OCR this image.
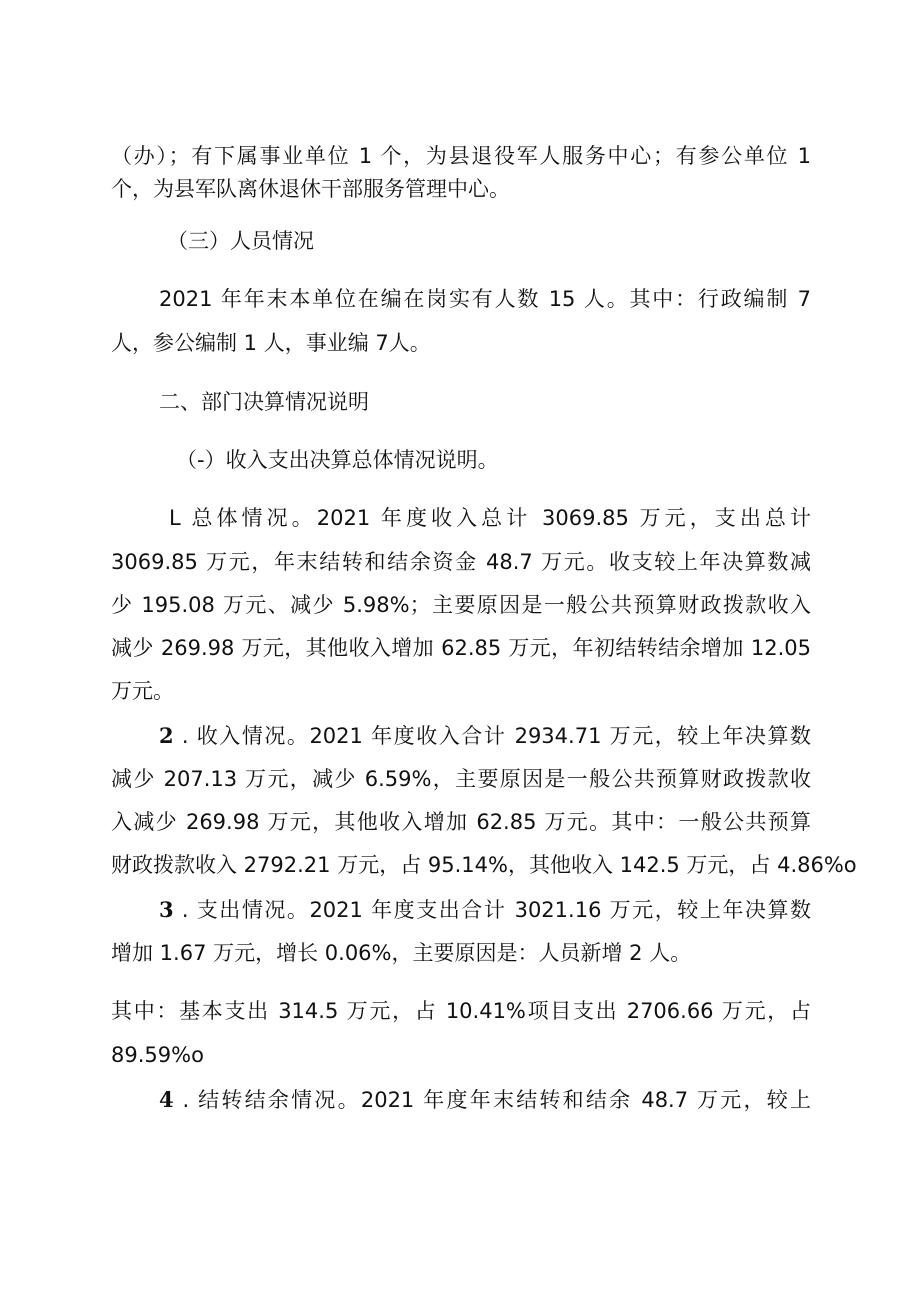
（办）；有下属事业单位 1 个，为县退役军人服务中心；有参公单位 1
个，为县军队离休退休干部服务管理中心。
（三）人员情况
2021 年年末本单位在编在岗实有人数 15 人。其中：行政编制 7
人，参公编制 1 人，事业编 7人。
二、部门决算情况说明
（-）收入支出决算总体情况说明。
L 总体情况。2021 年度收入总计 3069.85 万元，支出总计
3069.85 万元，年末结转和结余资金 48.7 万元。收支较上年决算数减
少 195.08 万元、减少 5.98%；主要原因是一般公共预算财政拨款收入
减少 269.98 万元，其他收入增加 62.85 万元，年初结转结余增加 12.05
万元。
2 . 收入情况。2021 年度收入合计 2934.71 万元，较上年决算数
减少 207.13 万元，减少 6.59%，主要原因是一般公共预算财政拨款收
入减少 269.98 万元，其他收入增加 62.85 万元。其中：一般公共预算
财政拨款收入 2792.21 万元，占 95.14%，其他收入 142.5 万元，占 4.86%o
3 . 支出情况。2021 年度支出合计 3021.16 万元，较上年决算数
增加 1.67 万元，增长 0.06%，主要原因是：人员新增 2 人。
其中：基本支出 314.5 万元，占 10.41%项目支出 2706.66 万元，占
89.59%o
4 . 结转结余情况。2021 年度年末结转和结余 48.7 万元，较上
